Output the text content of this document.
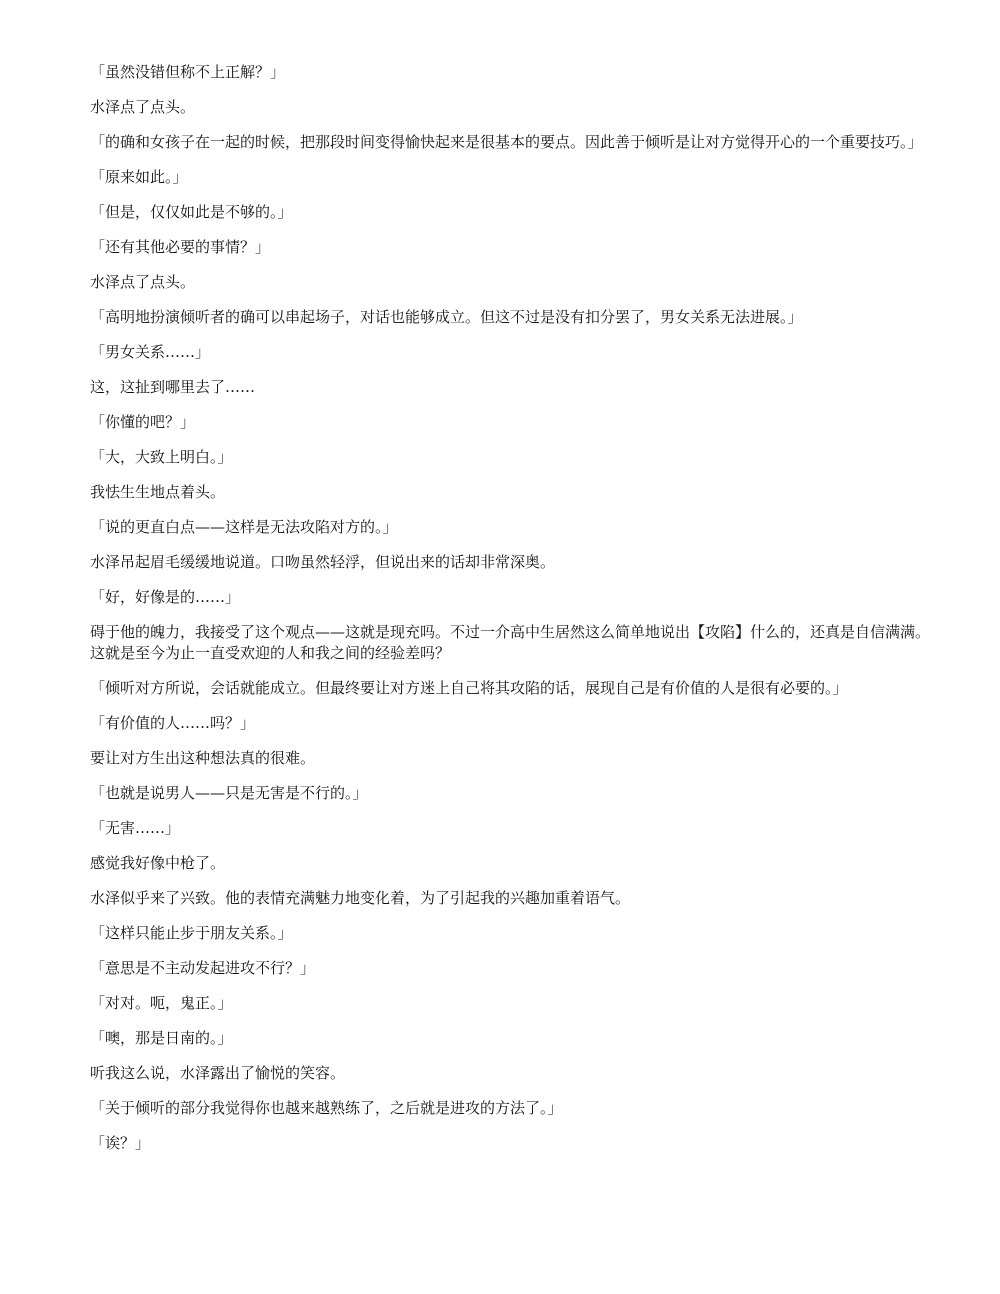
「虽然没错但称不上正解？」

水泽点了点头。

「的确和女孩子在一起的时候，把那段时间变得愉快起来是很基本的要点。因此善于倾听是让对方觉得开心的一个重要技巧。」

「原来如此。」

「但是，仅仅如此是不够的。」

「还有其他必要的事情？」

水泽点了点头。

「高明地扮演倾听者的确可以串起场子，对话也能够成立。但这不过是没有扣分罢了，男女关系无法进展。」

「男女关系……」

这，这扯到哪里去了……

「你懂的吧？」

「大，大致上明白。」

我怯生生地点着头。

「说的更直白点——这样是无法攻陷对方的。」

水泽吊起眉毛缓缓地说道。口吻虽然轻浮，但说出来的话却非常深奥。

「好，好像是的……」

碍于他的魄力，我接受了这个观点——这就是现充吗。不过一介高中生居然这么简单地说出【攻陷】什么的，还真是自信满满。这就是至今为止一直受欢迎的人和我之间的经验差吗？

「倾听对方所说，会话就能成立。但最终要让对方迷上自己将其攻陷的话，展现自己是有价值的人是很有必要的。」

「有价值的人……吗？」

要让对方生出这种想法真的很难。

「也就是说男人——只是无害是不行的。」

「无害……」

感觉我好像中枪了。

水泽似乎来了兴致。他的表情充满魅力地变化着，为了引起我的兴趣加重着语气。

「这样只能止步于朋友关系。」

「意思是不主动发起进攻不行？」

「对对。呃，鬼正。」

「噢，那是日南的。」

听我这么说，水泽露出了愉悦的笑容。

「关于倾听的部分我觉得你也越来越熟练了，之后就是进攻的方法了。」

「诶？」
